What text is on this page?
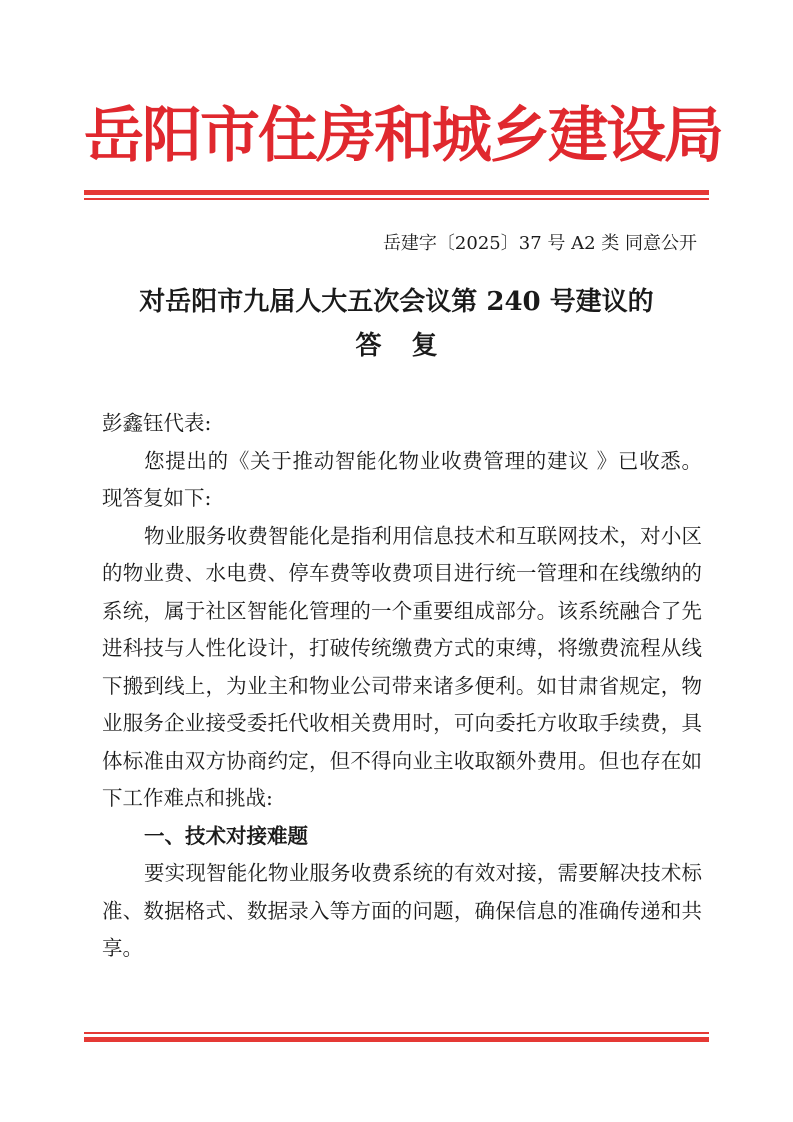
岳阳市住房和城乡建设局
岳建字〔2025〕37 号 A2 类 同意公开
对岳阳市九届人大五次会议第 240 号建议的
答复

彭鑫钰代表:

您提出的《关于推动智能化物业收费管理的建议 》已收悉。现答复如下:

物业服务收费智能化是指利用信息技术和互联网技术，对小区的物业费、水电费、停车费等收费项目进行统一管理和在线缴纳的系统，属于社区智能化管理的一个重要组成部分。该系统融合了先进科技与人性化设计，打破传统缴费方式的束缚，将缴费流程从线下搬到线上，为业主和物业公司带来诸多便利。如甘肃省规定，物业服务企业接受委托代收相关费用时，可向委托方收取手续费，具体标准由双方协商约定，但不得向业主收取额外费用。但也存在如下工作难点和挑战:

一、技术对接难题

要实现智能化物业服务收费系统的有效对接，需要解决技术标准、数据格式、数据录入等方面的问题，确保信息的准确传递和共享。
